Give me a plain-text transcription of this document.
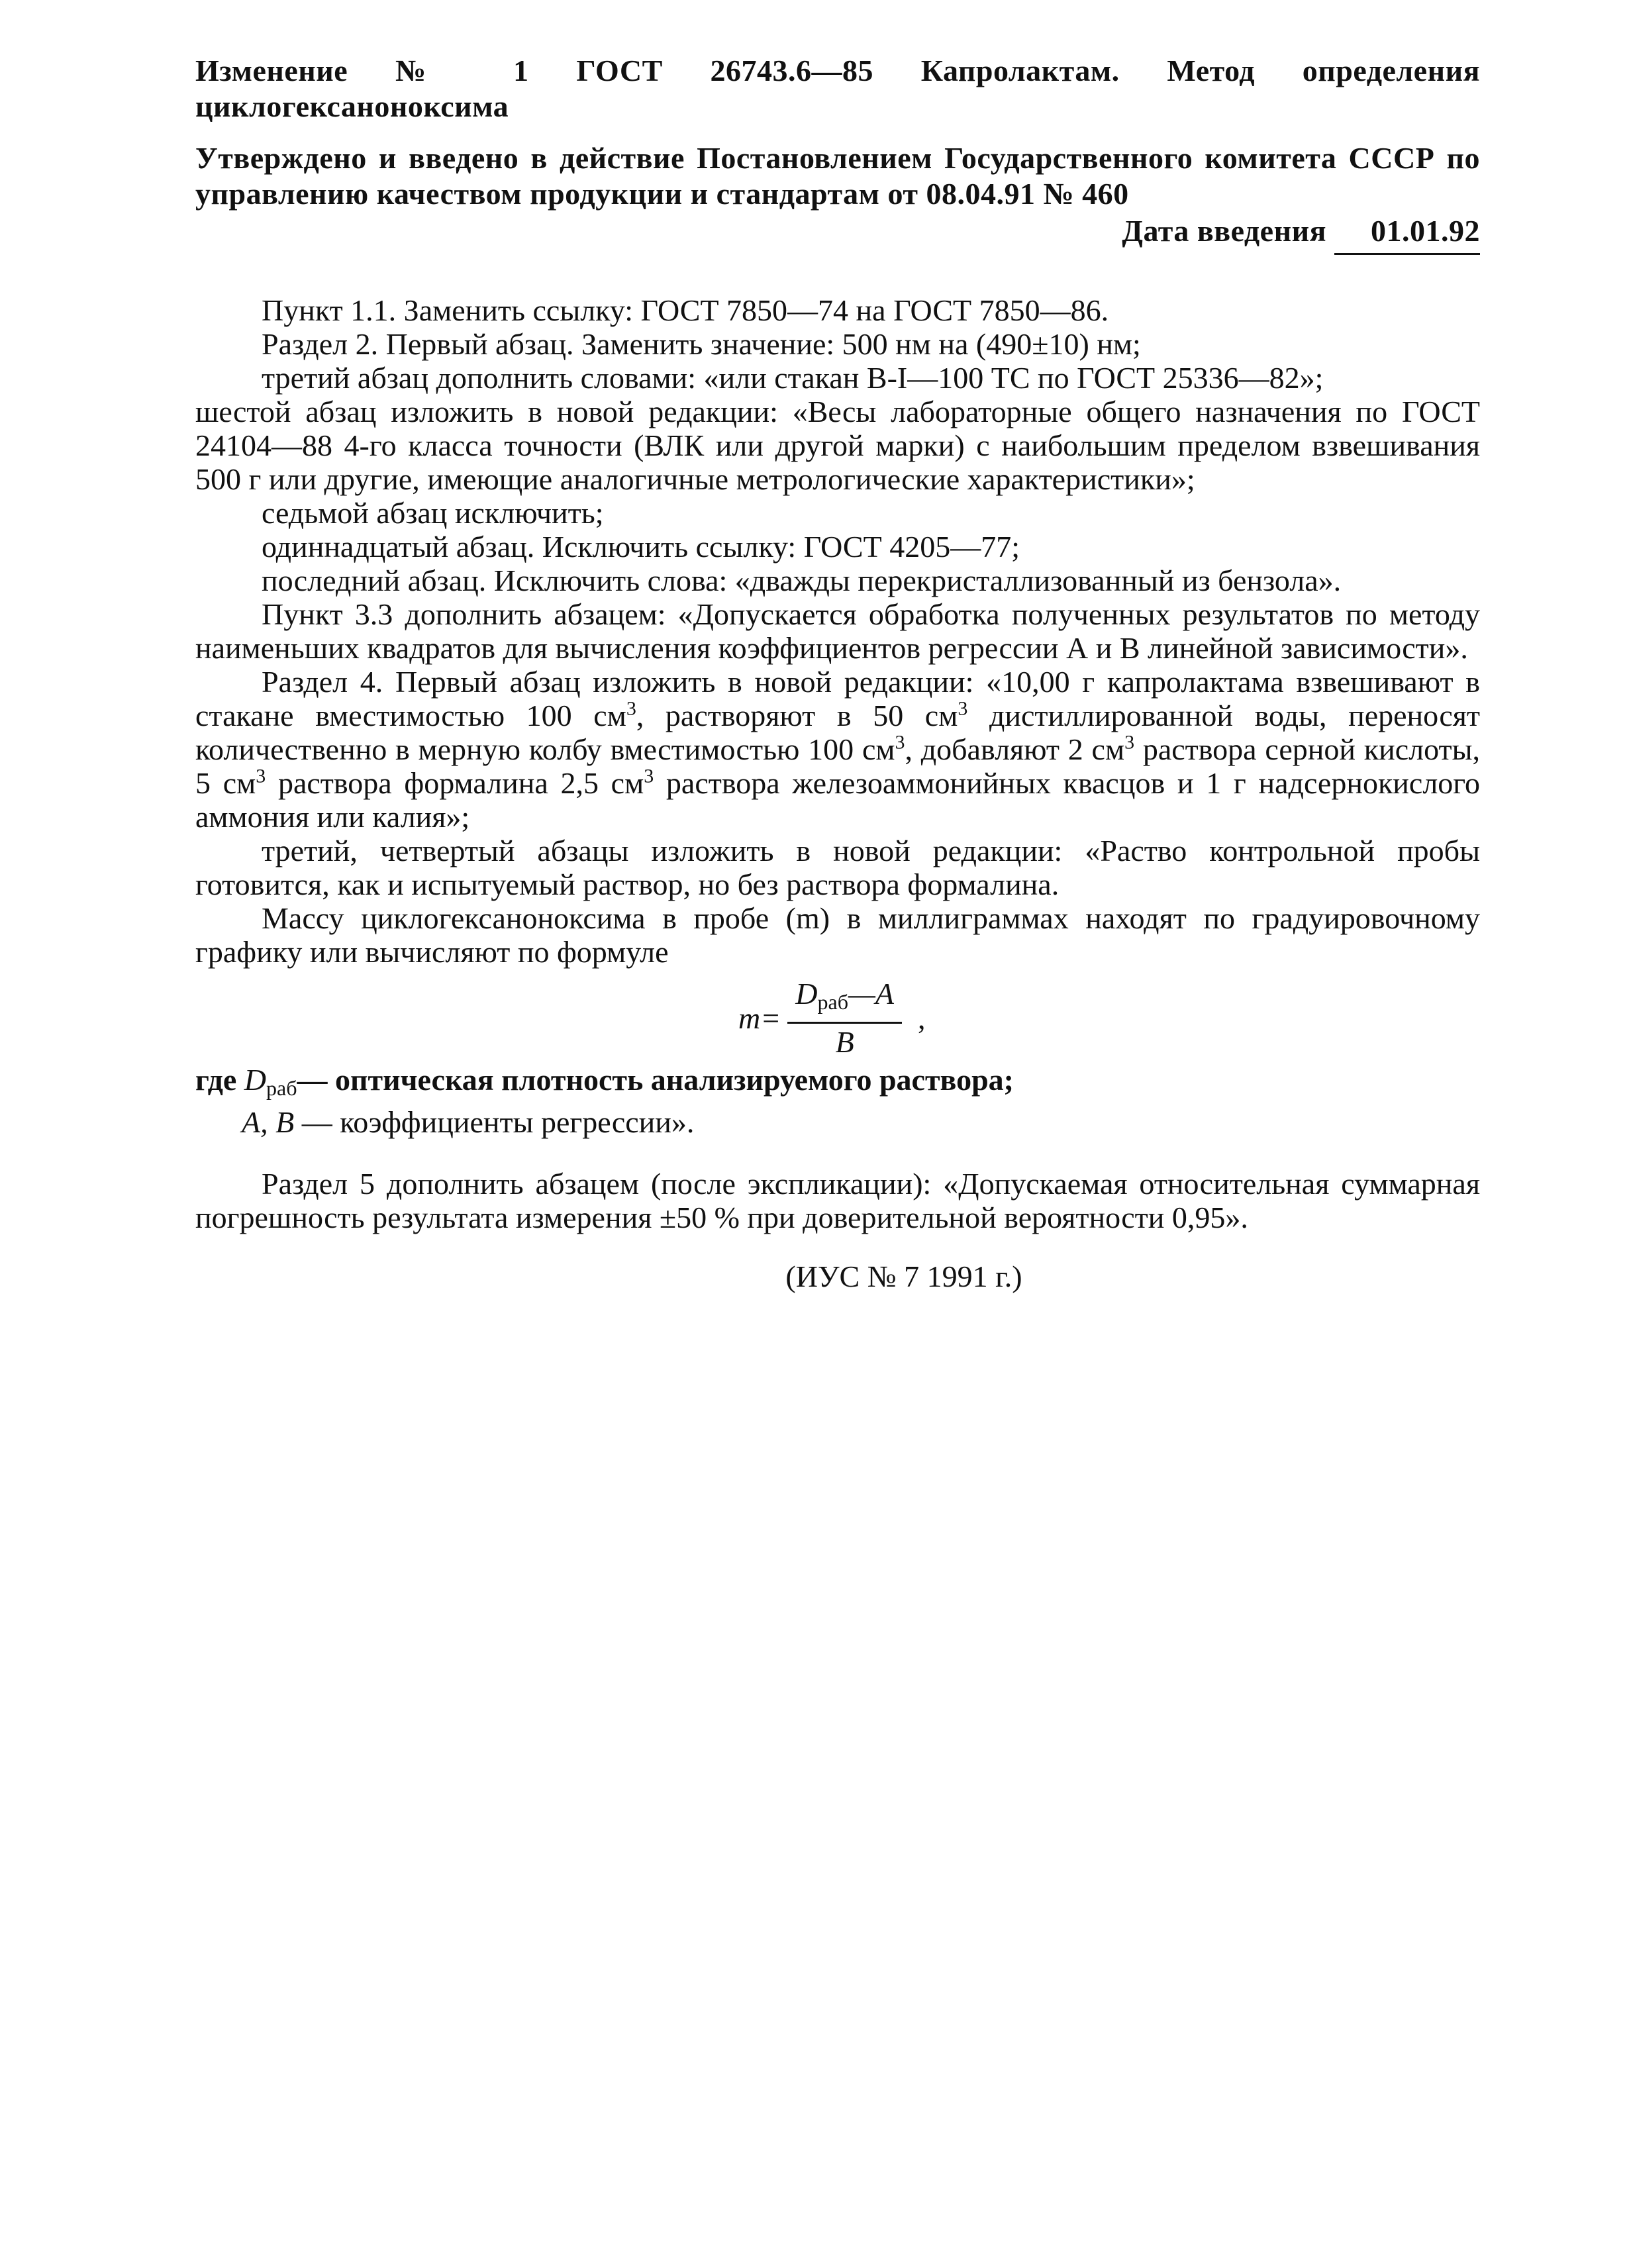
Изменение № 1 ГОСТ 26743.6—85 Капролактам. Метод определения циклогексаноноксима

Утверждено и введено в действие Постановлением Государственного комитета СССР по управлению качеством продукции и стандартам от 08.04.91 № 460

Дата введения 01.01.92

Пункт 1.1. Заменить ссылку: ГОСТ 7850—74 на ГОСТ 7850—86.

Раздел 2. Первый абзац. Заменить значение: 500 нм на (490±10) нм;

третий абзац дополнить словами: «или стакан В-І—100 ТС по ГОСТ 25336—82»;

шестой абзац изложить в новой редакции: «Весы лабораторные общего назначения по ГОСТ 24104—88 4-го класса точности (ВЛК или другой марки) с наибольшим пределом взвешивания 500 г или другие, имеющие аналогичные метрологические характеристики»;

седьмой абзац исключить;

одиннадцатый абзац. Исключить ссылку: ГОСТ 4205—77;

последний абзац. Исключить слова: «дважды перекристаллизованный из бензола».

Пункт 3.3 дополнить абзацем: «Допускается обработка полученных результатов по методу наименьших квадратов для вычисления коэффициентов регрессии А и В линейной зависимости».

Раздел 4. Первый абзац изложить в новой редакции: «10,00 г капролактама взвешивают в стакане вместимостью 100 $см^3$, растворяют в 50 $см^3$ дистиллированной воды, переносят количественно в мерную колбу вместимостью 100 $см^3$, добавляют 2 $см^3$ раствора серной кислоты, 5 $см^3$ раствора формалина 2,5 $см^3$ раствора железоаммонийных квасцов и 1 г надсернокислого аммония или калия»;

третий, четвертый абзацы изложить в новой редакции: «Раство контрольной пробы готовится, как и испытуемый раствор, но без раствора формалина.

Массу циклогексаноноксима в пробе (m) в миллиграммах находят по градуировочному графику или вычисляют по формуле

$m= \frac{D_{раб}—A}{B}$ ,

где
$D_{раб}$ — оптическая плотность анализируемого раствора;

A, B
— коэффициенты регрессии».

Раздел 5 дополнить абзацем (после экспликации): «Допускаемая относительная суммарная погрешность результата измерения ±50 % при доверительной вероятности 0,95».

(ИУС № 7 1991 г.)
